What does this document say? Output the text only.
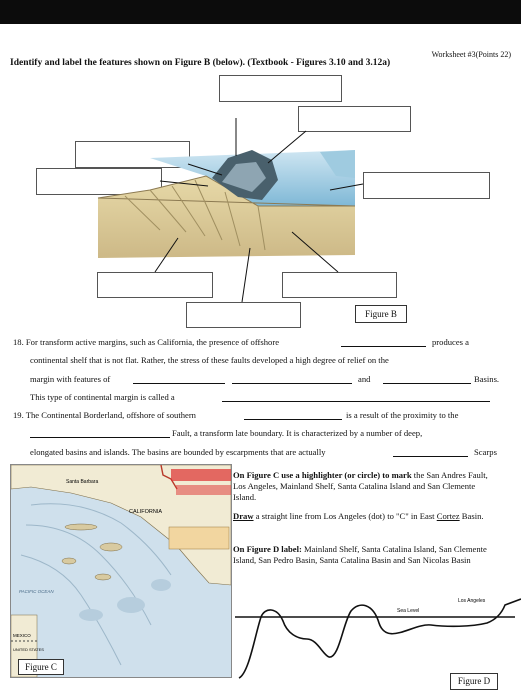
Worksheet #3(Points 22)
Identify and label the features shown on Figure B (below). (Textbook - Figures 3.10 and 3.12a)
Figure B
18. For transform active margins, such as California, the presence of offshore	produces a
continental shelf that is not flat. Rather, the stress of these faults developed a high degree of relief on the
margin with features of	and	Basins.
This type of continental margin is called a
19. The Continental Borderland, offshore of southern	is a result of the proximity to the
Fault, a transform late boundary. It is characterized by a number of deep,
elongated basins and islands. The basins are bounded by escarpments that are actually	Scarps
Santa Barbara
CALIFORNIA
PACIFIC OCEAN
MEXICO
UNITED STATES
Figure C
On Figure C use a highlighter (or circle) to mark the San Andres Fault, Los Angeles, Mainland Shelf, Santa Catalina Island and San Clemente Island.
Draw a straight line from Los Angeles (dot) to "C" in East Cortez Basin.
On Figure D label: Mainland Shelf, Santa Catalina Island, San Clemente Island, San Pedro Basin, Santa Catalina Basin and San Nicolas Basin
Sea Level
Los Angeles
Figure D
